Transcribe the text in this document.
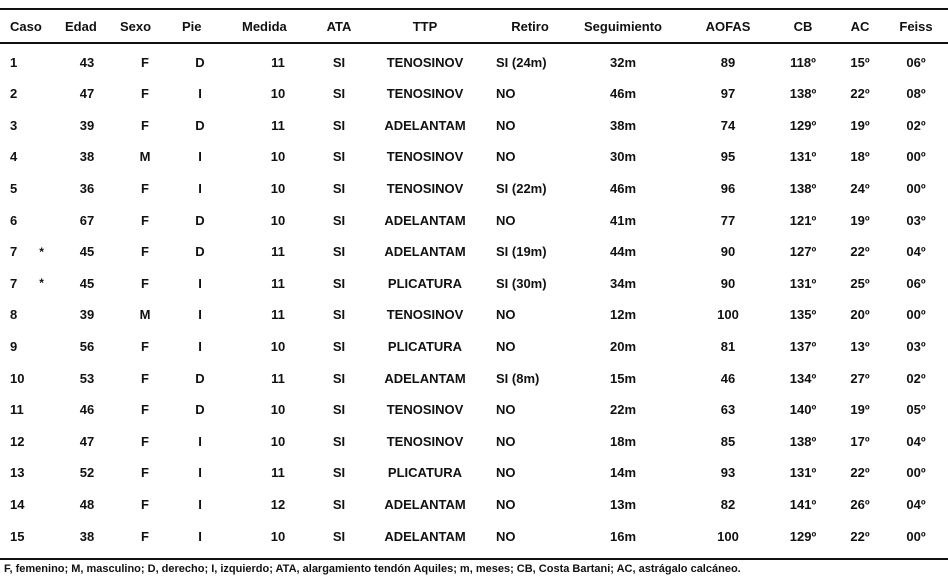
Caso	Edad	Sexo	Pie	Medida	ATA	TTP	Retiro	Seguimiento	AOFAS	CB	AC	Feiss
1	43	F	D	11	SI	TENOSINOV	SI (24m)	32m	89	118º	15º	06º
2	47	F	I	10	SI	TENOSINOV	NO	46m	97	138º	22º	08º
3	39	F	D	11	SI	ADELANTAM NO	38m	74	129º	19º	02º
4	38	M	I	10	SI	TENOSINOV	NO	30m	95	131º	18º	00º
5	36	F	I	10	SI	TENOSINOV	SI (22m)	46m	96	138º	24º	00º
6	67	F	D	10	SI	ADELANTAM NO	41m	77	121º	19º	03º
7 *	45	F	D	11	SI	ADELANTAM SI (19m)	44m	90	127º	22º	04º
7 *	45	F	I	11	SI	PLICATURA	SI (30m)	34m	90	131º	25º	06º
8	39	M	I	11	SI	TENOSINOV	NO	12m	100	135º	20º	00º
9	56	F	I	10	SI	PLICATURA	NO	20m	81	137º	13º	03º
10	53	F	D	11	SI	ADELANTAM SI (8m)	15m	46	134º	27º	02º
11	46	F	D	10	SI	TENOSINOV	NO	22m	63	140º	19º	05º
12	47	F	I	10	SI	TENOSINOV	NO	18m	85	138º	17º	04º
13	52	F	I	11	SI	PLICATURA	NO	14m	93	131º	22º	00º
14	48	F	I	12	SI	ADELANTAM NO	13m	82	141º	26º	04º
15	38	F	I	10	SI	ADELANTAM NO	16m	100	129º	22º	00º
F, femenino; M, masculino; D, derecho; I, izquierdo; ATA, alargamiento tendón Aquiles; m, meses; CB, Costa Bartani; AC, astrágalo calcáneo.
